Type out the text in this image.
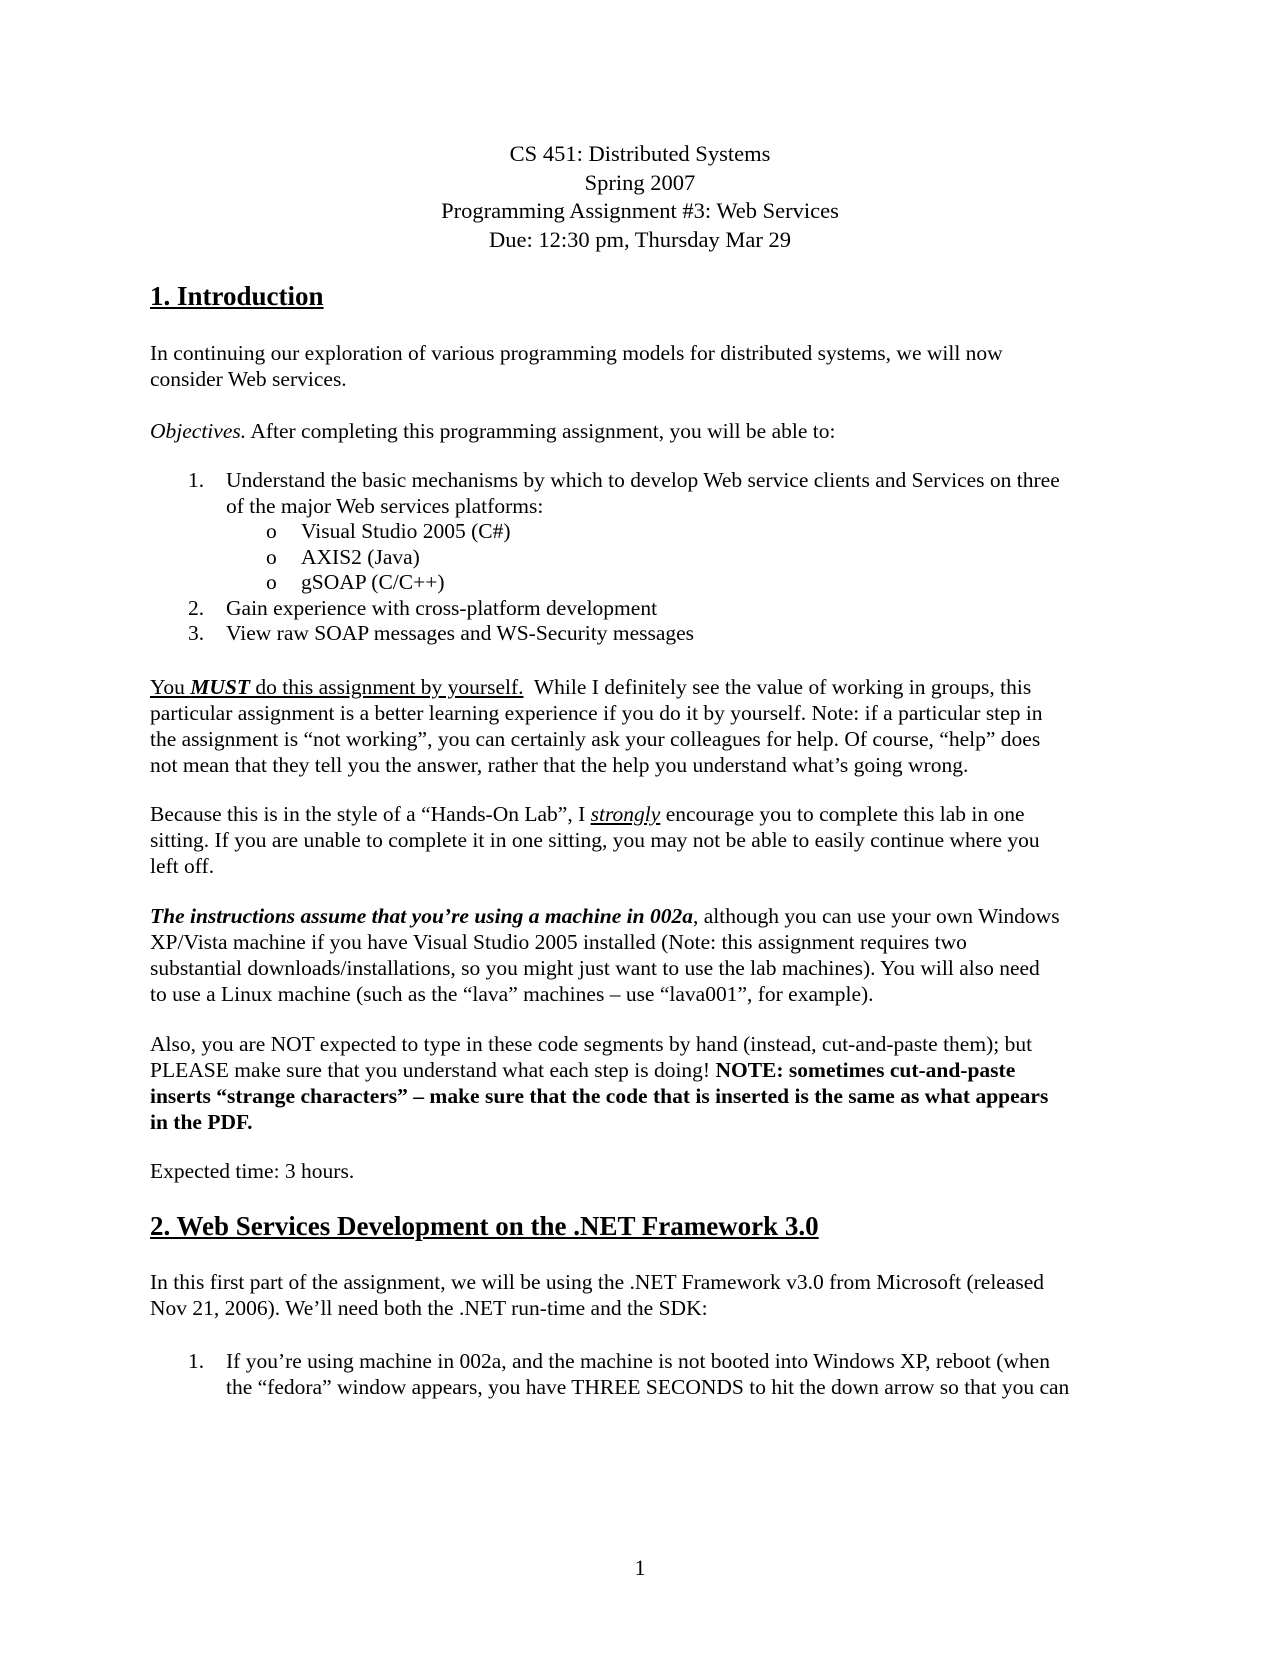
CS 451: Distributed Systems
Spring 2007
Programming Assignment #3: Web Services
Due: 12:30 pm, Thursday Mar 29
1. Introduction
In continuing our exploration of various programming models for distributed systems, we will now
consider Web services.
Objectives. After completing this programming assignment, you will be able to:
1. Understand the basic mechanisms by which to develop Web service clients and Services on three
of the major Web services platforms:
o Visual Studio 2005 (C#)
o AXIS2 (Java)
o gSOAP (C/C++)
2. Gain experience with cross-platform development
3. View raw SOAP messages and WS-Security messages
You MUST do this assignment by yourself.  While I definitely see the value of working in groups, this
particular assignment is a better learning experience if you do it by yourself. Note: if a particular step in
the assignment is “not working”, you can certainly ask your colleagues for help. Of course, “help” does
not mean that they tell you the answer, rather that the help you understand what’s going wrong.
Because this is in the style of a “Hands-On Lab”, I strongly encourage you to complete this lab in one
sitting. If you are unable to complete it in one sitting, you may not be able to easily continue where you
left off.
The instructions assume that you’re using a machine in 002a, although you can use your own Windows
XP/Vista machine if you have Visual Studio 2005 installed (Note: this assignment requires two
substantial downloads/installations, so you might just want to use the lab machines). You will also need
to use a Linux machine (such as the “lava” machines – use “lava001”, for example).
Also, you are NOT expected to type in these code segments by hand (instead, cut-and-paste them); but
PLEASE make sure that you understand what each step is doing! NOTE: sometimes cut-and-paste
inserts “strange characters” – make sure that the code that is inserted is the same as what appears
in the PDF.
Expected time: 3 hours.
2. Web Services Development on the .NET Framework 3.0
In this first part of the assignment, we will be using the .NET Framework v3.0 from Microsoft (released
Nov 21, 2006). We’ll need both the .NET run-time and the SDK:
1. If you’re using machine in 002a, and the machine is not booted into Windows XP, reboot (when
the “fedora” window appears, you have THREE SECONDS to hit the down arrow so that you can
1
